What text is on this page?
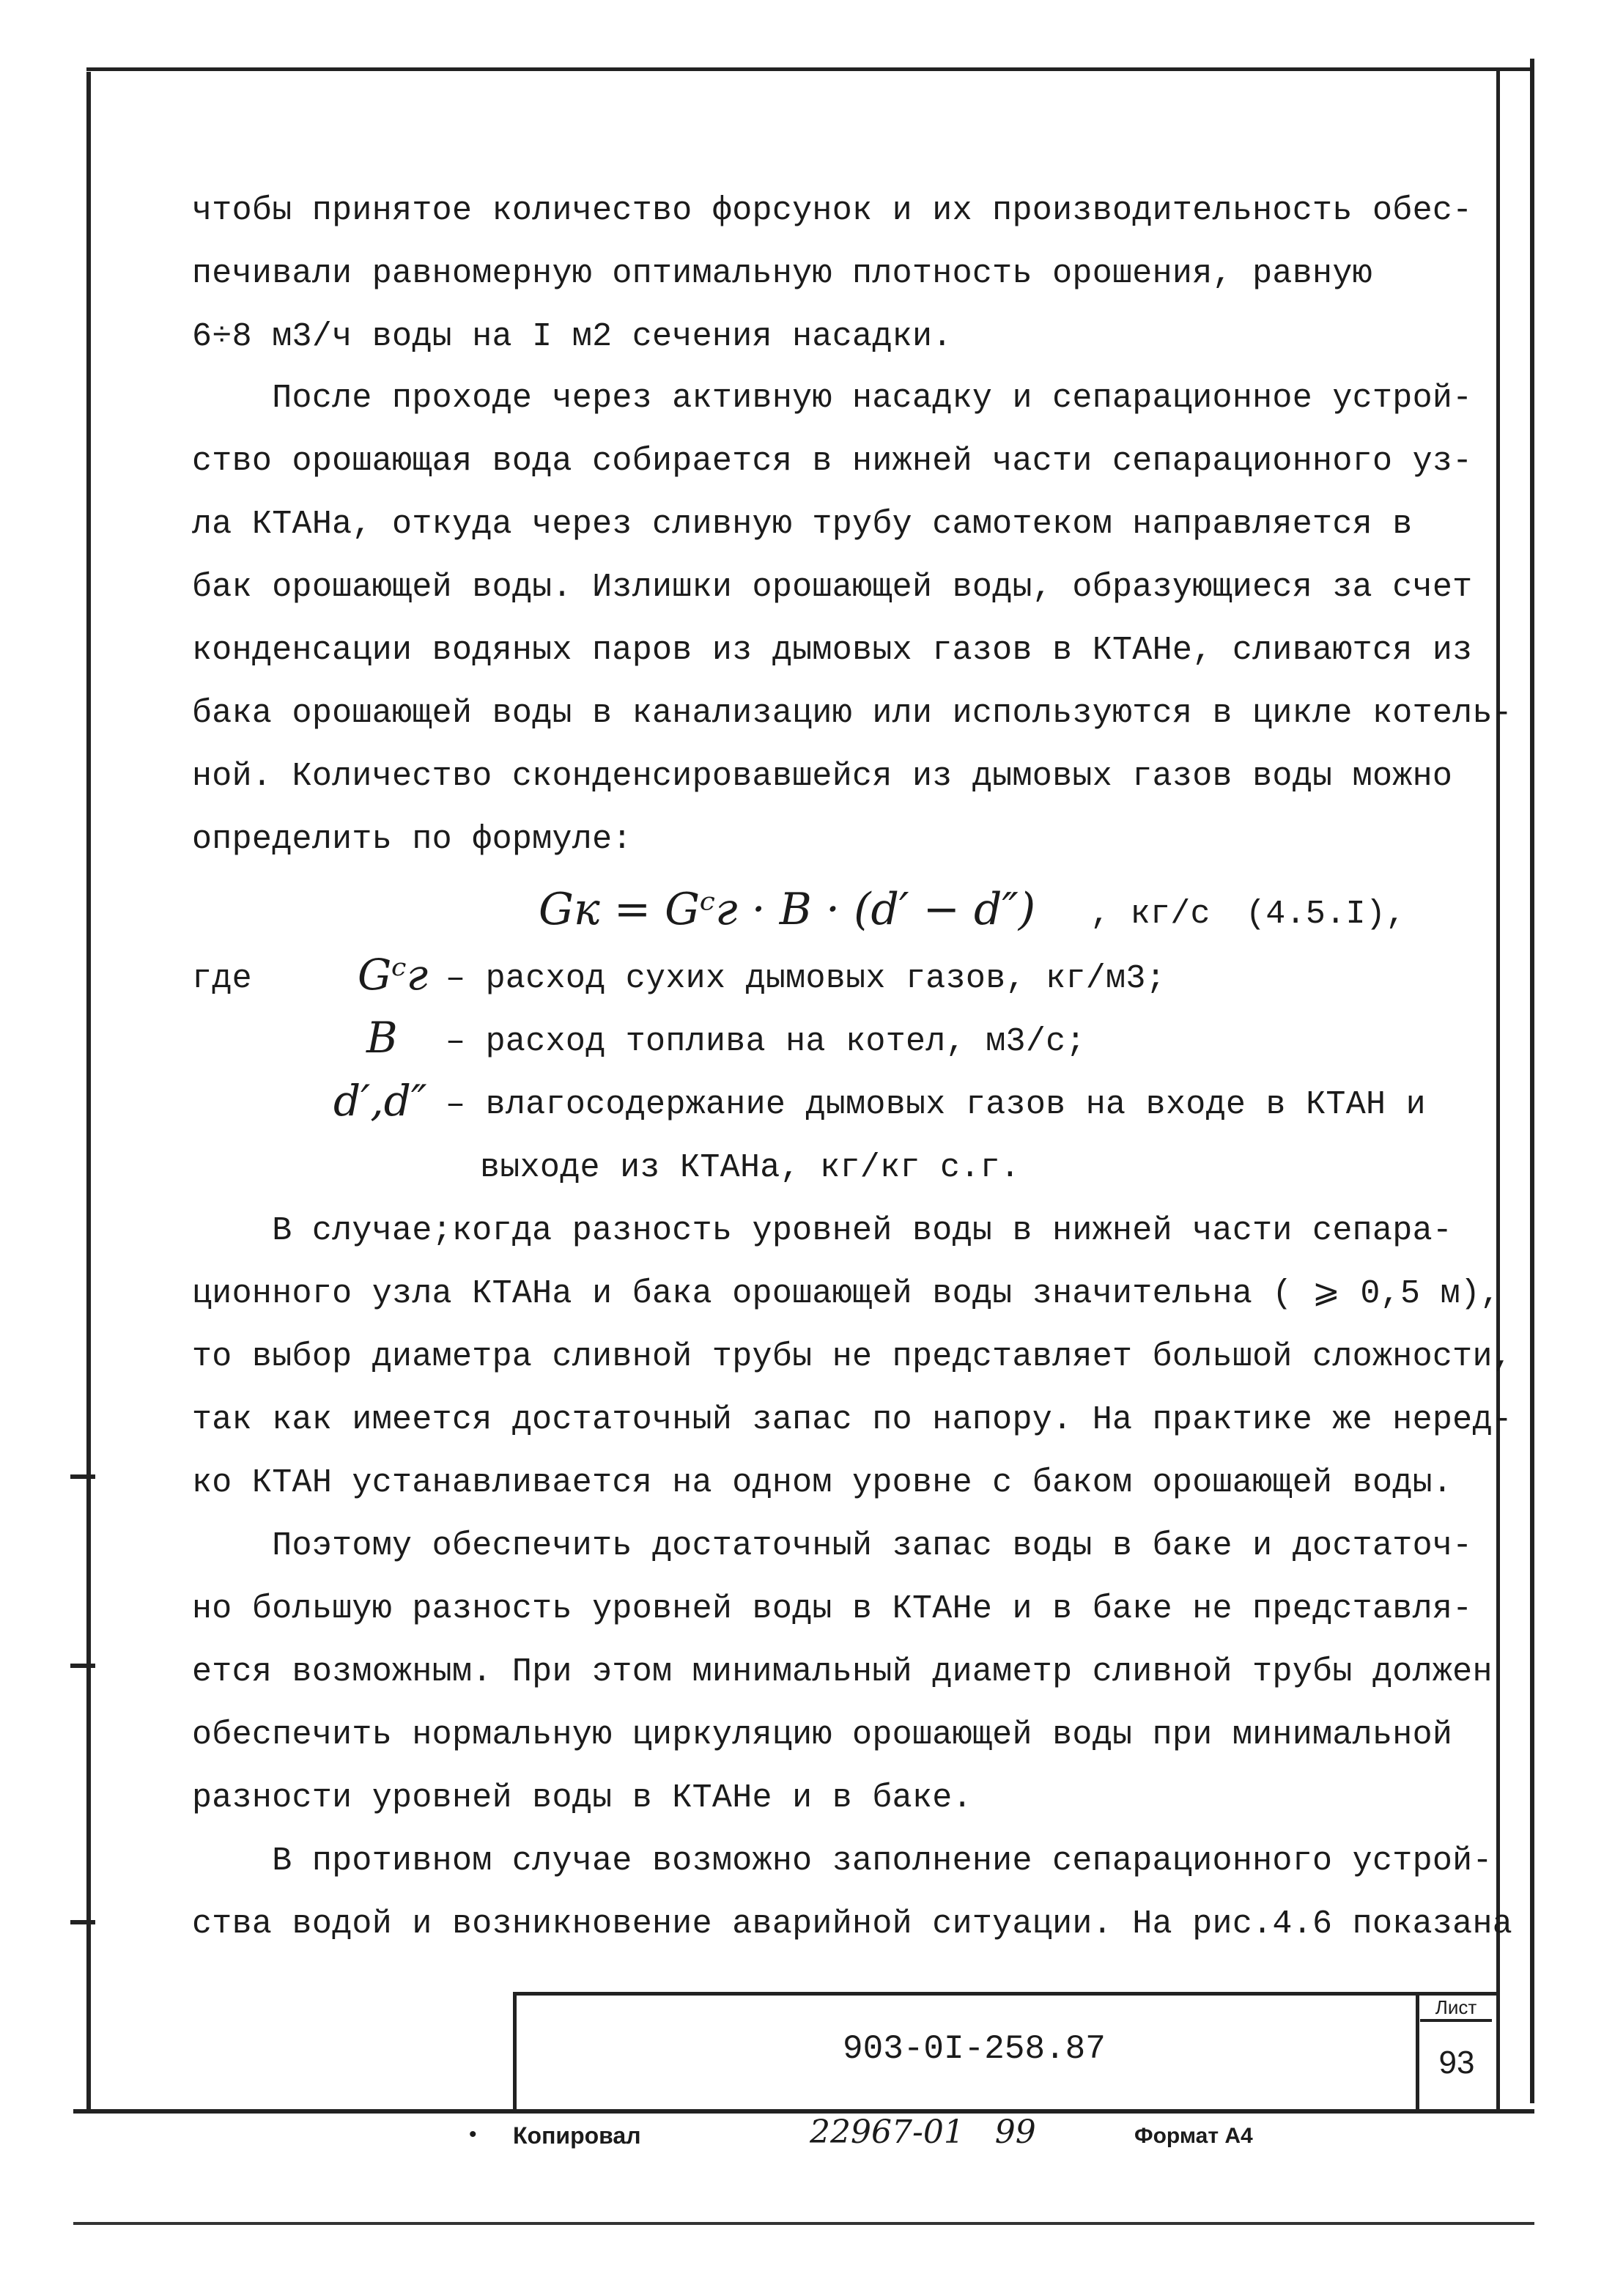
чтобы принятое количество форсунок и их производительность обес-
печивали равномерную оптимальную плотность орошения, равную
6÷8 м3/ч воды на I м2 сечения насадки.
После проходе через активную насадку и сепарационное устрой-
ство орошающая вода собирается в нижней части сепарационного уз-
ла КТАНа, откуда через сливную трубу самотеком направляется в
бак орошающей воды. Излишки орошающей воды, образующиеся за счет
конденсации водяных паров из дымовых газов в КТАНе, сливаются из
бака орошающей воды в канализацию или используются в цикле котель-
ной. Количество сконденсировавшейся из дымовых газов воды можно
определить по формуле:
Gк = Gᶜг · B · (d′ − d″) , кг/с (4.5.I),
где Gᶜг – расход сухих дымовых газов, кг/м3;
B – расход топлива на котел, м3/с;
d′,d″ – влагосодержание дымовых газов на входе в КТАН и
выходе из КТАНа, кг/кг с.г.
В случае;когда разность уровней воды в нижней части сепара-
ционного узла КТАНа и бака орошающей воды значительна ( ⩾ 0,5 м),
то выбор диаметра сливной трубы не представляет большой сложности,
так как имеется достаточный запас по напору. На практике же неред-
ко КТАН устанавливается на одном уровне с баком орошающей воды.
Поэтому обеспечить достаточный запас воды в баке и достаточ-
но большую разность уровней воды в КТАНе и в баке не представля-
ется возможным. При этом минимальный диаметр сливной трубы должен
обеспечить нормальную циркуляцию орошающей воды при минимальной
разности уровней воды в КТАНе и в баке.
В противном случае возможно заполнение сепарационного устрой-
ства водой и возникновение аварийной ситуации. На рис.4.6 показана
903-0I-258.87
Лист
93
• Копировал	22967-01   99	Формат А4
